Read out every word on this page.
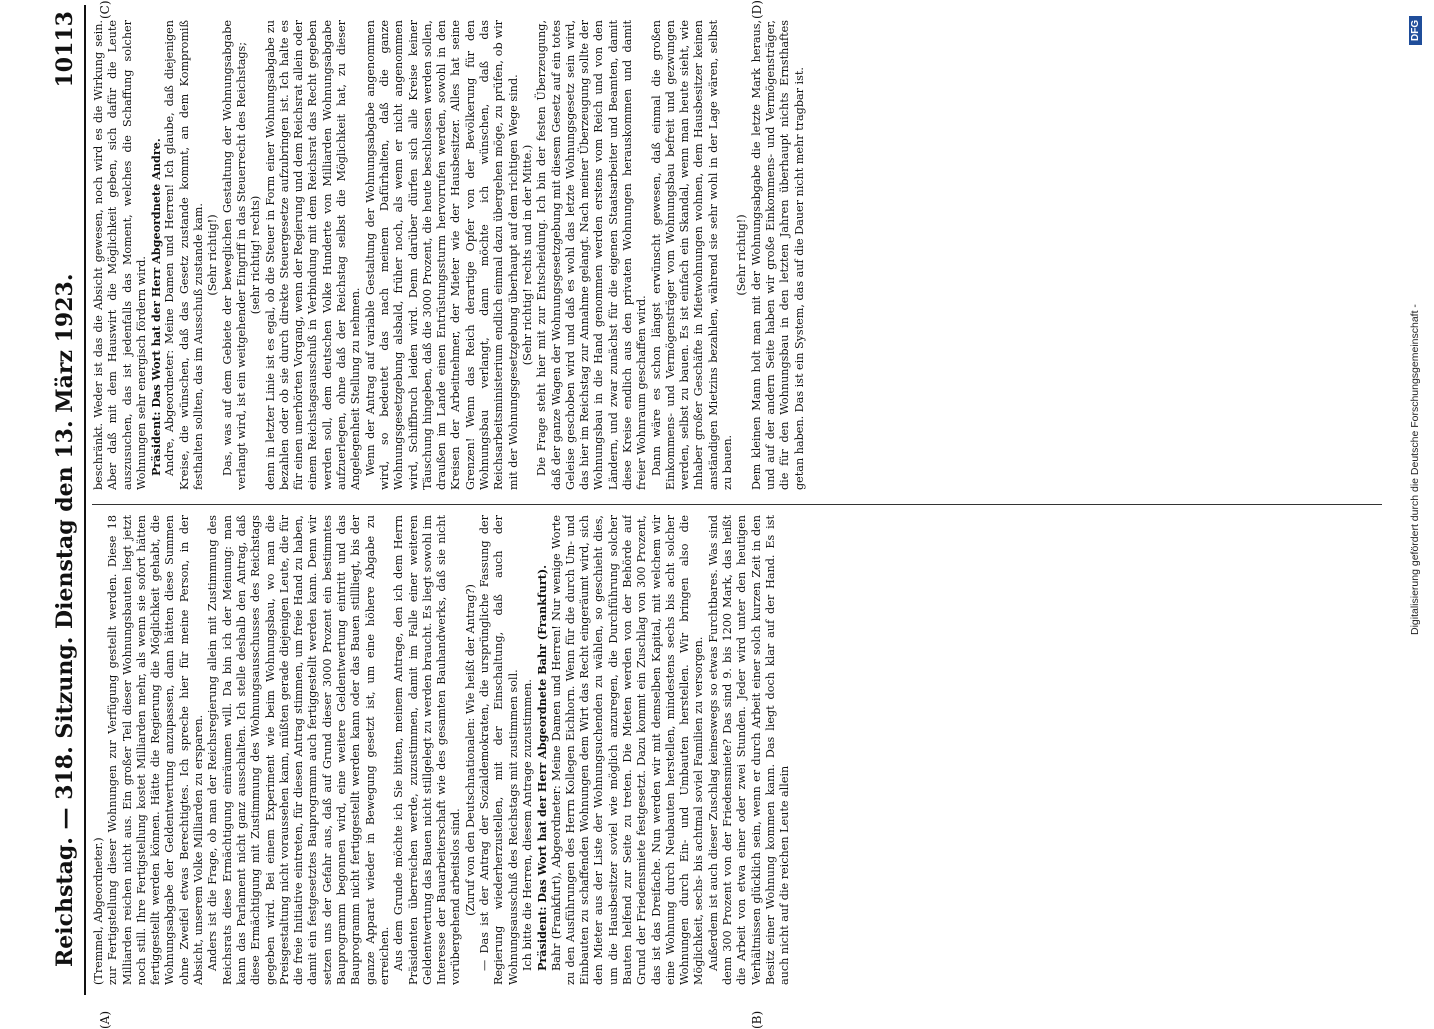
Reichstag. — 318. Sitzung. Dienstag den 13. März 1923.
10113
(A)	(B)
(C)	(D)

(Tremmel, Abgeordneter.) zur Fertigstellung dieser Wohnungen zur Verfügung gestellt werden. Diese 18 Milliarden reichen nicht aus. Ein großer Teil dieser Wohnungsbauten liegt jetzt noch still. Ihre Fertigstellung kostet Milliarden mehr, als wenn sie sofort hätten fertiggestellt werden können. Hätte die Regierung die Möglichkeit gehabt, die Wohnungsabgabe der Geldentwertung anzupassen, dann hätten diese Summen ohne Zweifel etwas Berechtigtes. Ich spreche hier für meine Person, in der Absicht, unserem Volke Milliarden zu ersparen. Anders ist die Frage, ob man der Reichsregierung allein mit Zustimmung des Reichsrats diese Ermächtigung einräumen will. Da bin ich der Meinung: man kann das Parlament nicht ganz ausschalten. Ich stelle deshalb den Antrag, daß diese Ermächtigung mit Zustimmung des Wohnungsausschusses des Reichstags gegeben wird. Bei einem Experiment wie beim Wohnungsbau, wo man die Preisgestaltung nicht voraussehen kann, müßten gerade diejenigen Leute, die für die freie Initiative eintreten, für diesen Antrag stimmen, um freie Hand zu haben, damit ein festgesetztes Bauprogramm auch fertiggestellt werden kann. Denn wir setzen uns der Gefahr aus, daß auf Grund dieser 3000 Prozent ein bestimmtes Bauprogramm begonnen wird, eine weitere Geldentwertung eintritt und das Bauprogramm nicht fertiggestellt werden kann oder das Bauen stillliegt, bis der ganze Apparat wieder in Bewegung gesetzt ist, um eine höhere Abgabe zu erreichen. Aus dem Grunde möchte ich Sie bitten, meinem Antrage, den ich dem Herrn Präsidenten überreichen werde, zuzustimmen, damit im Falle einer weiteren Geldentwertung das Bauen nicht stillgelegt zu werden braucht. Es liegt sowohl im Interesse der Bauarbeiterschaft wie des gesamten Bauhandwerks, daß sie nicht vorübergehend arbeitslos sind. (Zuruf von den Deutschnationalen: Wie heißt der Antrag?) — Das ist der Antrag der Sozialdemokraten, die ursprüngliche Fassung der Regierung wiederherzustellen, mit der Einschaltung, daß auch der Wohnungsausschuß des Reichstags mit zustimmen soll. Ich bitte die Herren, diesem Antrage zuzustimmen. Präsident: Das Wort hat der Herr Abgeordnete Bahr (Frankfurt). Bahr (Frankfurt), Abgeordneter: Meine Damen und Herren! Nur wenige Worte zu den Ausführungen des Herrn Kollegen Eichhorn. Wenn für die durch Um- und Einbauten zu schaffenden Wohnungen dem Wirt das Recht eingeräumt wird, sich den Mieter aus der Liste der Wohnungsuchenden zu wählen, so geschieht dies, um die Hausbesitzer soviel wie möglich anzuregen, die Durchführung solcher Bauten helfend zur Seite zu treten. Die Mieten werden von der Behörde auf Grund der Friedensmiete festgesetzt. Dazu kommt ein Zuschlag von 300 Prozent, das ist das Dreifache. Nun werden wir mit demselben Kapital, mit welchem wir eine Wohnung durch Neubauten herstellen, mindestens sechs bis acht solcher Wohnungen durch Ein- und Umbauten herstellen. Wir bringen also die Möglichkeit, sechs- bis achtmal soviel Familien zu versorgen. Außerdem ist auch dieser Zuschlag keineswegs so etwas Furchtbares. Was sind denn 300 Prozent von der Friedensmiete? Das sind 9. bis 1200 Mark, das heißt die Arbeit von etwa einer oder zwei Stunden. Jeder wird unter den heutigen Verhältnissen glücklich sein, wenn er durch Arbeit einer solch kurzen Zeit in den Besitz einer Wohnung kommen kann. Das liegt doch klar auf der Hand. Es ist auch nicht auf die reichen Leute allein

beschränkt. Weder ist das die Absicht gewesen, noch wird es die Wirkung sein. Aber daß mit dem Hauswirt die Möglichkeit geben, sich dafür die Leute auszusuchen, das ist jedenfalls das Moment, welches die Schaffung solcher Wohnungen sehr energisch fördern wird. Präsident: Das Wort hat der Herr Abgeordnete Andre. Andre, Abgeordneter: Meine Damen und Herren! Ich glaube, daß diejenigen Kreise, die wünschen, daß das Gesetz zustande kommt, an dem Kompromiß festhalten sollten, das im Ausschuß zustande kam. (Sehr richtig!) Das, was auf dem Gebiete der beweglichen Gestaltung der Wohnungsabgabe verlangt wird, ist ein weitgehender Eingriff in das Steuerrecht des Reichstags; (sehr richtig! rechts) denn in letzter Linie ist es egal, ob die Steuer in Form einer Wohnungsabgabe zu bezahlen oder ob sie durch direkte Steuergesetze aufzubringen ist. Ich halte es für einen unerhörten Vorgang, wenn der Regierung und dem Reichsrat allein oder einem Reichstagsausschuß in Verbindung mit dem Reichsrat das Recht gegeben werden soll, dem deutschen Volke Hunderte von Milliarden Wohnungsabgabe aufzuerlegen, ohne daß der Reichstag selbst die Möglichkeit hat, zu dieser Angelegenheit Stellung zu nehmen. Wenn der Antrag auf variable Gestaltung der Wohnungsabgabe angenommen wird, so bedeutet das nach meinem Dafürhalten, daß die ganze Wohnungsgesetzgebung alsbald, früher noch, als wenn er nicht angenommen wird, Schiffbruch leiden wird. Denn darüber dürfen sich alle Kreise keiner Täuschung hingeben, daß die 3000 Prozent, die heute beschlossen werden sollen, draußen im Lande einen Entrüstungssturm hervorrufen werden, sowohl in den Kreisen der Arbeitnehmer, der Mieter wie der Hausbesitzer. Alles hat seine Grenzen! Wenn das Reich derartige Opfer von der Bevölkerung für den Wohnungsbau verlangt, dann möchte ich wünschen, daß das Reichsarbeitsministerium endlich einmal dazu übergehen möge, zu prüfen, ob wir mit der Wohnungsgesetzgebung überhaupt auf dem richtigen Wege sind. (Sehr richtig! rechts und in der Mitte.) Die Frage steht hier mit zur Entscheidung. Ich bin der festen Überzeugung, daß der ganze Wagen der Wohnungsgesetzgebung mit diesem Gesetz auf ein totes Geleise geschoben wird und daß es wohl das letzte Wohnungsgesetz sein wird, das hier im Reichstag zur Annahme gelangt. Nach meiner Überzeugung sollte der Wohnungsbau in die Hand genommen werden erstens vom Reich und von den Ländern, und zwar zunächst für die eigenen Staatsarbeiter und Beamten, damit diese Kreise endlich aus den privaten Wohnungen herauskommen und damit freier Wohnraum geschaffen wird. Dann wäre es schon längst erwünscht gewesen, daß einmal die großen Einkommens- und Vermögensträger vom Wohnungsbau befreit und gezwungen werden, selbst zu bauen. Es ist einfach ein Skandal, wenn man heute sieht, wie Inhaber großer Geschäfte in Mietwohnungen wohnen, dem Hausbesitzer keinen anständigen Mietzins bezahlen, während sie sehr wohl in der Lage wären, selbst zu bauen.

(Sehr richtig!) Dem kleinen Mann holt man mit der Wohnungsabgabe die letzte Mark heraus, und auf der andern Seite haben wir große Einkommens- und Vermögensträger, die für den Wohnungsbau in den letzten Jahren überhaupt nichts Ernsthaftes getan haben. Das ist ein System, das auf die Dauer nicht mehr tragbar ist.	Digitalisierung gefördert durch die Deutsche Forschungsgemeinschaft -
DFG
